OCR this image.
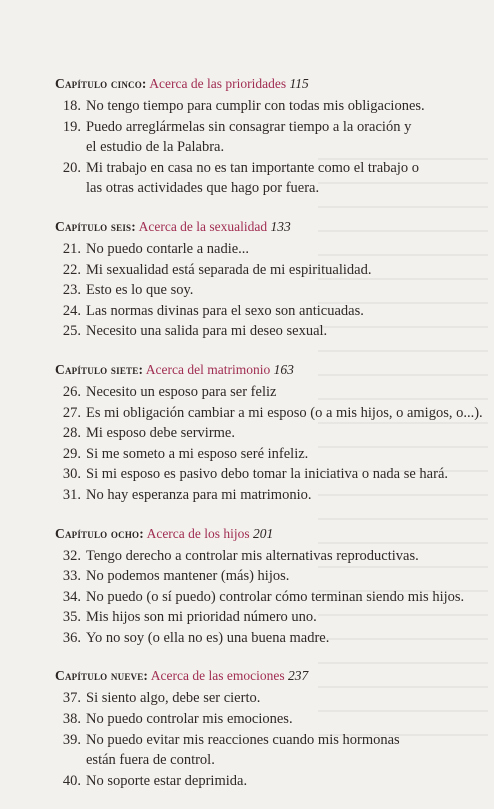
Capítulo cinco: Acerca de las prioridades 115
18. No tengo tiempo para cumplir con todas mis obligaciones.
19. Puedo arreglármelas sin consagrar tiempo a la oración y
el estudio de la Palabra.
20. Mi trabajo en casa no es tan importante como el trabajo o
las otras actividades que hago por fuera.
Capítulo seis: Acerca de la sexualidad 133
21. No puedo contarle a nadie...
22. Mi sexualidad está separada de mi espiritualidad.
23. Esto es lo que soy.
24. Las normas divinas para el sexo son anticuadas.
25. Necesito una salida para mi deseo sexual.
Capítulo siete: Acerca del matrimonio 163
26. Necesito un esposo para ser feliz
27. Es mi obligación cambiar a mi esposo (o a mis hijos, o amigos, o...).
28. Mi esposo debe servirme.
29. Si me someto a mi esposo seré infeliz.
30. Si mi esposo es pasivo debo tomar la iniciativa o nada se hará.
31. No hay esperanza para mi matrimonio.
Capítulo ocho: Acerca de los hijos 201
32. Tengo derecho a controlar mis alternativas reproductivas.
33. No podemos mantener (más) hijos.
34. No puedo (o sí puedo) controlar cómo terminan siendo mis hijos.
35. Mis hijos son mi prioridad número uno.
36. Yo no soy (o ella no es) una buena madre.
Capítulo nueve: Acerca de las emociones 237
37. Si siento algo, debe ser cierto.
38. No puedo controlar mis emociones.
39. No puedo evitar mis reacciones cuando mis hormonas
están fuera de control.
40. No soporte estar deprimida.
